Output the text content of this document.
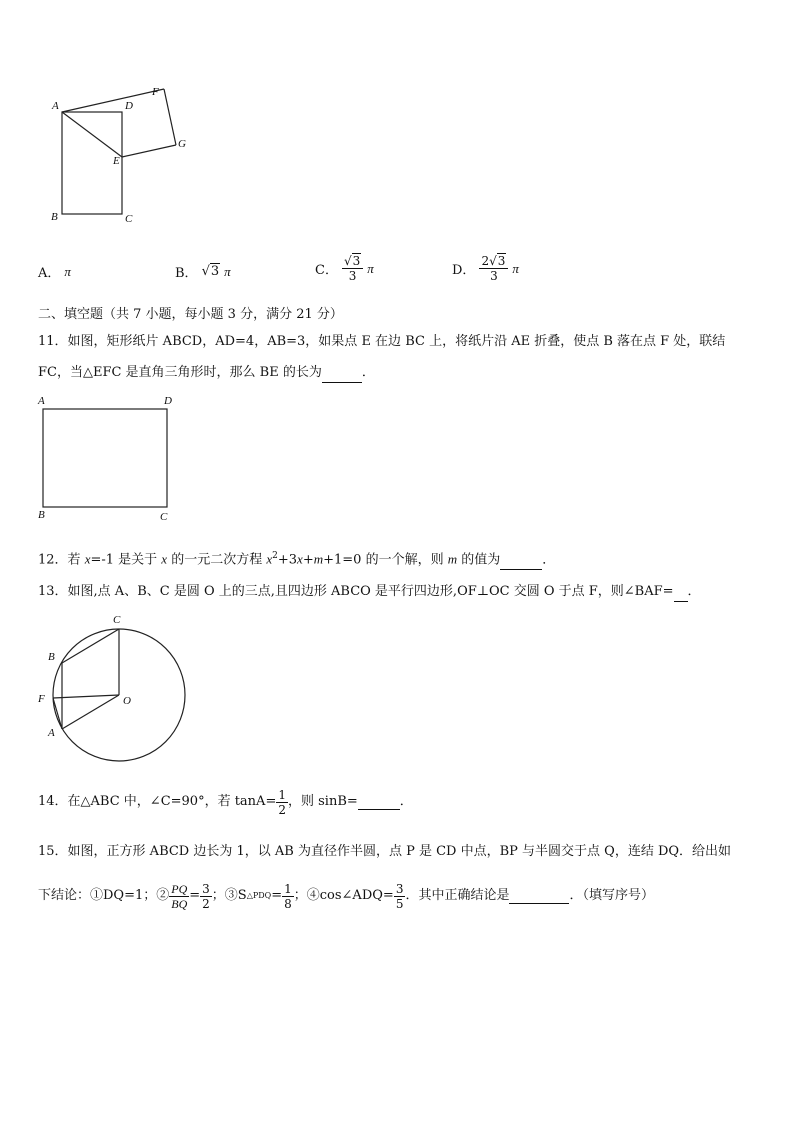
A	D
F
E
G
B	C
A． π	B． √3 π	C． $\frac{√3}{3}$ π	D． $\frac{2√3}{3}$ π
二、填空题（共 7 小题，每小题 3 分，满分 21 分）
11．如图，矩形纸片 ABCD，AD=4，AB=3，如果点 E 在边 BC 上，将纸片沿 AE 折叠，使点 B 落在点 F 处，联结
FC，当△EFC 是直角三角形时，那么 BE 的长为	．
A	D
B	C
12．若 x=-1 是关于 x 的一元二次方程 $x^2+3x+m+1=0$ 的一个解，则 m 的值为	．
13．如图,点 A、B、C 是圆 O 上的三点,且四边形 ABCO 是平行四边形,OF⊥OC 交圆 O 于点 F，则∠BAF= ．
C
B
F	O
A
14．在△ABC 中，∠C=90°，若 $\tan A= \frac{1}{2}$ ，则 sinB=	．
15．如图，正方形 ABCD 边长为 1，以 AB 为直径作半圆，点 P 是 CD 中点，BP 与半圆交于点 Q，连结 DQ．给出如
下结论：①DQ=1；② $\frac{PQ}{BQ} = \frac{3}{2}$ ；③S △PDQ = $\frac{1}{8}$ ；④cos∠ADQ= $\frac{3}{5}$ ．其中正确结论是	．（填写序号）
